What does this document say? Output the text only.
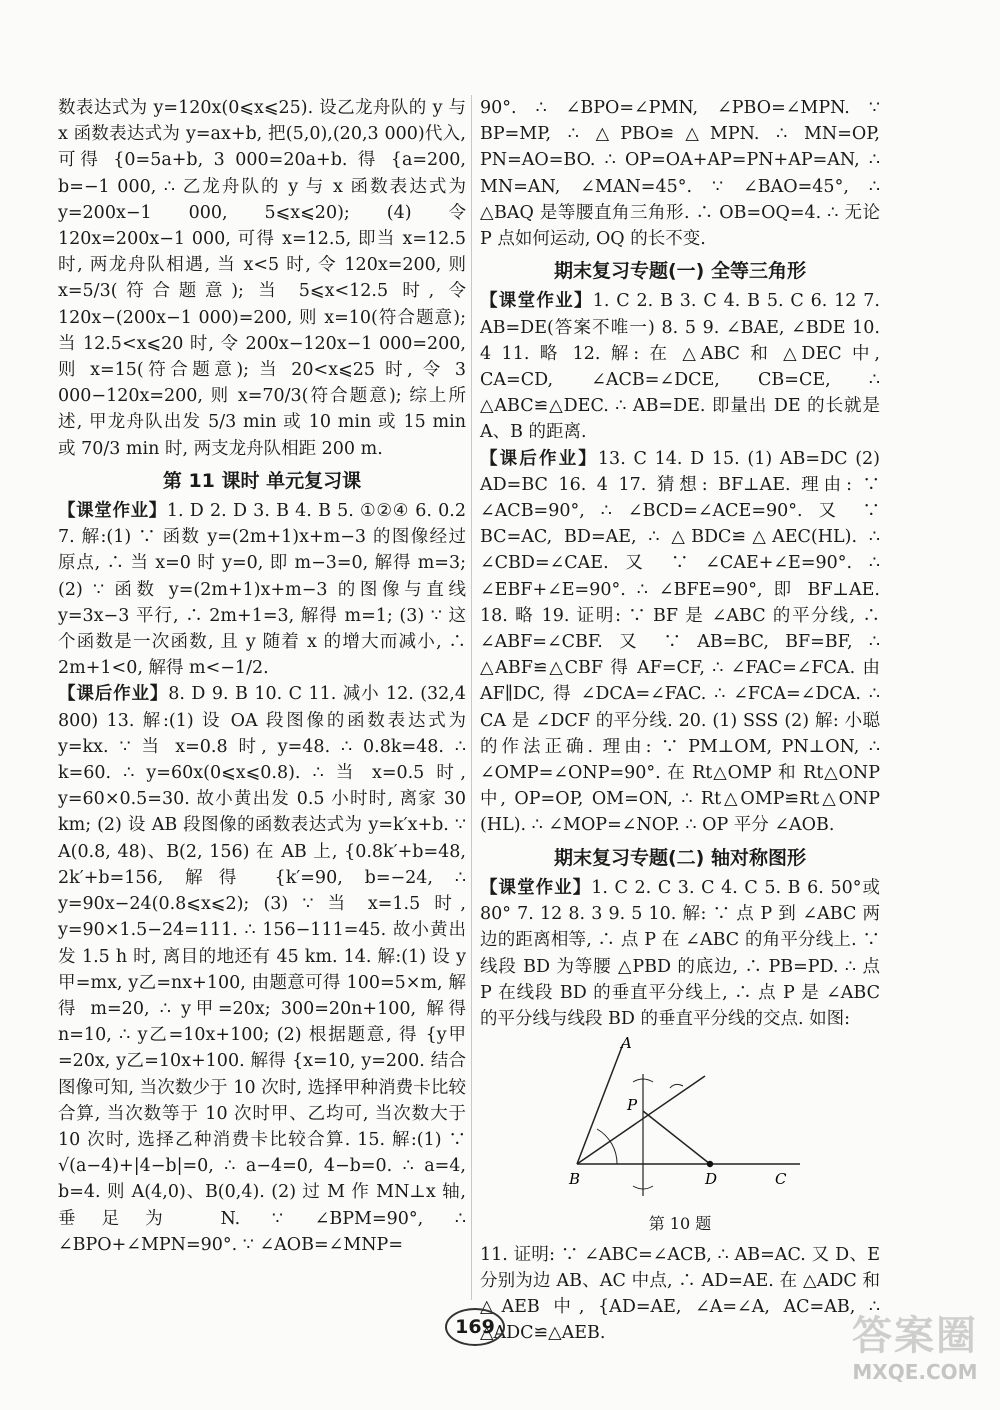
数表达式为 y=120x(0⩽x⩽25). 设乙龙舟队的 y 与 x 函数表达式为 y=ax+b, 把(5,0),(20,3 000)代入, 可得 {0=5a+b, 3 000=20a+b. 得 {a=200, b=−1 000, ∴ 乙龙舟队的 y 与 x 函数表达式为 y=200x−1 000, 5⩽x⩽20); (4) 令 120x=200x−1 000, 可得 x=12.5, 即当 x=12.5 时, 两龙舟队相遇, 当 x<5 时, 令 120x=200, 则 x=5/3(符合题意); 当 5⩽x<12.5 时, 令 120x−(200x−1 000)=200, 则 x=10(符合题意); 当 12.5<x⩽20 时, 令 200x−120x−1 000=200, 则 x=15(符合题意); 当 20<x⩽25 时, 令 3 000−120x=200, 则 x=70/3(符合题意); 综上所述, 甲龙舟队出发 5/3 min 或 10 min 或 15 min 或 70/3 min 时, 两支龙舟队相距 200 m.

第 11 课时 单元复习课

【课堂作业】1. D 2. D 3. B 4. B 5. ①②④ 6. 0.2 7. 解:(1) ∵ 函数 y=(2m+1)x+m−3 的图像经过原点, ∴ 当 x=0 时 y=0, 即 m−3=0, 解得 m=3; (2) ∵ 函数 y=(2m+1)x+m−3 的图像与直线 y=3x−3 平行, ∴ 2m+1=3, 解得 m=1; (3) ∵ 这个函数是一次函数, 且 y 随着 x 的增大而减小, ∴ 2m+1<0, 解得 m<−1/2.

【课后作业】8. D 9. B 10. C 11. 减小 12. (32,4 800) 13. 解:(1) 设 OA 段图像的函数表达式为 y=kx. ∵ 当 x=0.8 时, y=48. ∴ 0.8k=48. ∴ k=60. ∴ y=60x(0⩽x⩽0.8). ∴ 当 x=0.5 时, y=60×0.5=30. 故小黄出发 0.5 小时时, 离家 30 km; (2) 设 AB 段图像的函数表达式为 y=k′x+b. ∵ A(0.8, 48)、B(2, 156) 在 AB 上, {0.8k′+b=48, 2k′+b=156, 解得 {k′=90, b=−24, ∴ y=90x−24(0.8⩽x⩽2); (3) ∵ 当 x=1.5 时, y=90×1.5−24=111. ∴ 156−111=45. 故小黄出发 1.5 h 时, 离目的地还有 45 km. 14. 解:(1) 设 y甲=mx, y乙=nx+100, 由题意可得 100=5×m, 解得 m=20, ∴ y甲=20x; 300=20n+100, 解得 n=10, ∴ y乙=10x+100; (2) 根据题意, 得 {y甲=20x, y乙=10x+100. 解得 {x=10, y=200. 结合图像可知, 当次数少于 10 次时, 选择甲种消费卡比较合算, 当次数等于 10 次时甲、乙均可, 当次数大于 10 次时, 选择乙种消费卡比较合算. 15. 解:(1) ∵ √(a−4)+|4−b|=0, ∴ a−4=0, 4−b=0. ∴ a=4, b=4. 则 A(4,0)、B(0,4). (2) 过 M 作 MN⊥x 轴, 垂足为 N. ∵ ∠BPM=90°, ∴ ∠BPO+∠MPN=90°. ∵ ∠AOB=∠MNP=

90°. ∴ ∠BPO=∠PMN, ∠PBO=∠MPN. ∵ BP=MP, ∴ △PBO≌△MPN. ∴ MN=OP, PN=AO=BO. ∴ OP=OA+AP=PN+AP=AN, ∴ MN=AN, ∠MAN=45°. ∵ ∠BAO=45°, ∴ △BAQ 是等腰直角三角形. ∴ OB=OQ=4. ∴ 无论 P 点如何运动, OQ 的长不变.

期末复习专题(一) 全等三角形

【课堂作业】1. C 2. B 3. C 4. B 5. C 6. 12 7. AB=DE(答案不唯一) 8. 5 9. ∠BAE, ∠BDE 10. 4 11. 略 12. 解: 在 △ABC 和 △DEC 中, CA=CD, ∠ACB=∠DCE, CB=CE, ∴ △ABC≌△DEC. ∴ AB=DE. 即量出 DE 的长就是 A、B 的距离.

【课后作业】13. C 14. D 15. (1) AB=DC (2) AD=BC 16. 4 17. 猜想: BF⊥AE. 理由: ∵ ∠ACB=90°, ∴ ∠BCD=∠ACE=90°. 又 ∵ BC=AC, BD=AE, ∴ △BDC≌△AEC(HL). ∴ ∠CBD=∠CAE. 又 ∵ ∠CAE+∠E=90°. ∴ ∠EBF+∠E=90°. ∴ ∠BFE=90°, 即 BF⊥AE. 18. 略 19. 证明: ∵ BF 是 ∠ABC 的平分线, ∴ ∠ABF=∠CBF. 又 ∵ AB=BC, BF=BF, ∴ △ABF≌△CBF 得 AF=CF, ∴ ∠FAC=∠FCA. 由 AF∥DC, 得 ∠DCA=∠FAC. ∴ ∠FCA=∠DCA. ∴ CA 是 ∠DCF 的平分线. 20. (1) SSS (2) 解: 小聪的作法正确. 理由: ∵ PM⊥OM, PN⊥ON, ∴ ∠OMP=∠ONP=90°. 在 Rt△OMP 和 Rt△ONP 中, OP=OP, OM=ON, ∴ Rt△OMP≌Rt△ONP (HL). ∴ ∠MOP=∠NOP. ∴ OP 平分 ∠AOB.

期末复习专题(二) 轴对称图形

【课堂作业】1. C 2. C 3. C 4. C 5. B 6. 50°或 80° 7. 12 8. 3 9. 5 10. 解: ∵ 点 P 到 ∠ABC 两边的距离相等, ∴ 点 P 在 ∠ABC 的角平分线上. ∵ 线段 BD 为等腰 △PBD 的底边, ∴ PB=PD. ∴ 点 P 在线段 BD 的垂直平分线上, ∴ 点 P 是 ∠ABC 的平分线与线段 BD 的垂直平分线的交点. 如图:

A
B
P
D	C
第 10 题

11. 证明: ∵ ∠ABC=∠ACB, ∴ AB=AC. 又 D、E 分别为边 AB、AC 中点, ∴ AD=AE. 在 △ADC 和 △AEB 中, {AD=AE, ∠A=∠A, AC=AB, ∴ △ADC≌△AEB.

169	答案圈
MXQE.COM
